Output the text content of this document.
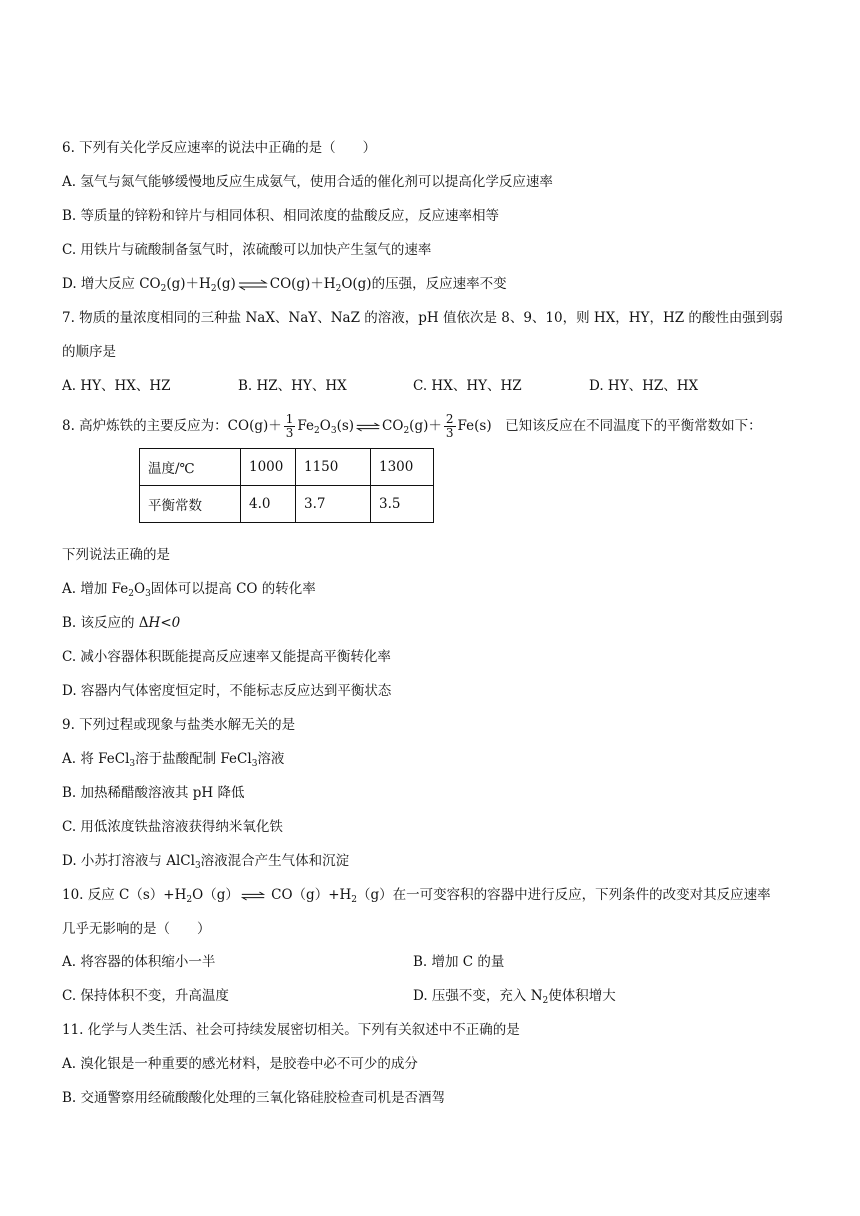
6. 下列有关化学反应速率的说法中正确的是（　　）
A. 氢气与氮气能够缓慢地反应生成氨气，使用合适的催化剂可以提高化学反应速率
B. 等质量的锌粉和锌片与相同体积、相同浓度的盐酸反应，反应速率相等
C. 用铁片与硫酸制备氢气时，浓硫酸可以加快产生氢气的速率
D. 增大反应 $CO_2(g)+H_2(g)$ ⇌ $CO(g)+H_2O(g)$的压强，反应速率不变
7. 物质的量浓度相同的三种盐 NaX、NaY、NaZ 的溶液，pH 值依次是 8、9、10，则 HX，HY，HZ 的酸性由强到弱
的顺序是
A. HY、HX、HZ	B. HZ、HY、HX	C. HX、HY、HZ	D. HY、HZ、HX
8. 高炉炼铁的主要反应为：$CO(g)+ \frac{1}{3} Fe_2O_3(s)$ ⇌ $CO_2(g)+ \frac{2}{3} Fe(s)$　已知该反应在不同温度下的平衡常数如下：
温度/℃	1000	1150	1300
平衡常数	4.0	3.7	3.5
下列说法正确的是
A. 增加 $Fe_2O_3$固体可以提高 CO 的转化率
B. 该反应的 ΔH<0
C. 减小容器体积既能提高反应速率又能提高平衡转化率
D. 容器内气体密度恒定时，不能标志反应达到平衡状态
9. 下列过程或现象与盐类水解无关的是
A. 将 FeCl$_3$溶于盐酸配制 FeCl$_3$溶液
B. 加热稀醋酸溶液其 pH 降低
C. 用低浓度铁盐溶液获得纳米氧化铁
D. 小苏打溶液与 AlCl$_3$溶液混合产生气体和沉淀
10. 反应 $C(s)+H_2O(g)$ ⇌ $CO(g)+H_2(g)$在一可变容积的容器中进行反应，下列条件的改变对其反应速率
几乎无影响的是（　　）
A. 将容器的体积缩小一半	B. 增加 C 的量
C. 保持体积不变，升高温度	D. 压强不变，充入 $N_2$使体积增大
11. 化学与人类生活、社会可持续发展密切相关。下列有关叙述中不正确的是
A. 溴化银是一种重要的感光材料，是胶卷中必不可少的成分
B. 交通警察用经硫酸酸化处理的三氧化铬硅胶检查司机是否酒驾
